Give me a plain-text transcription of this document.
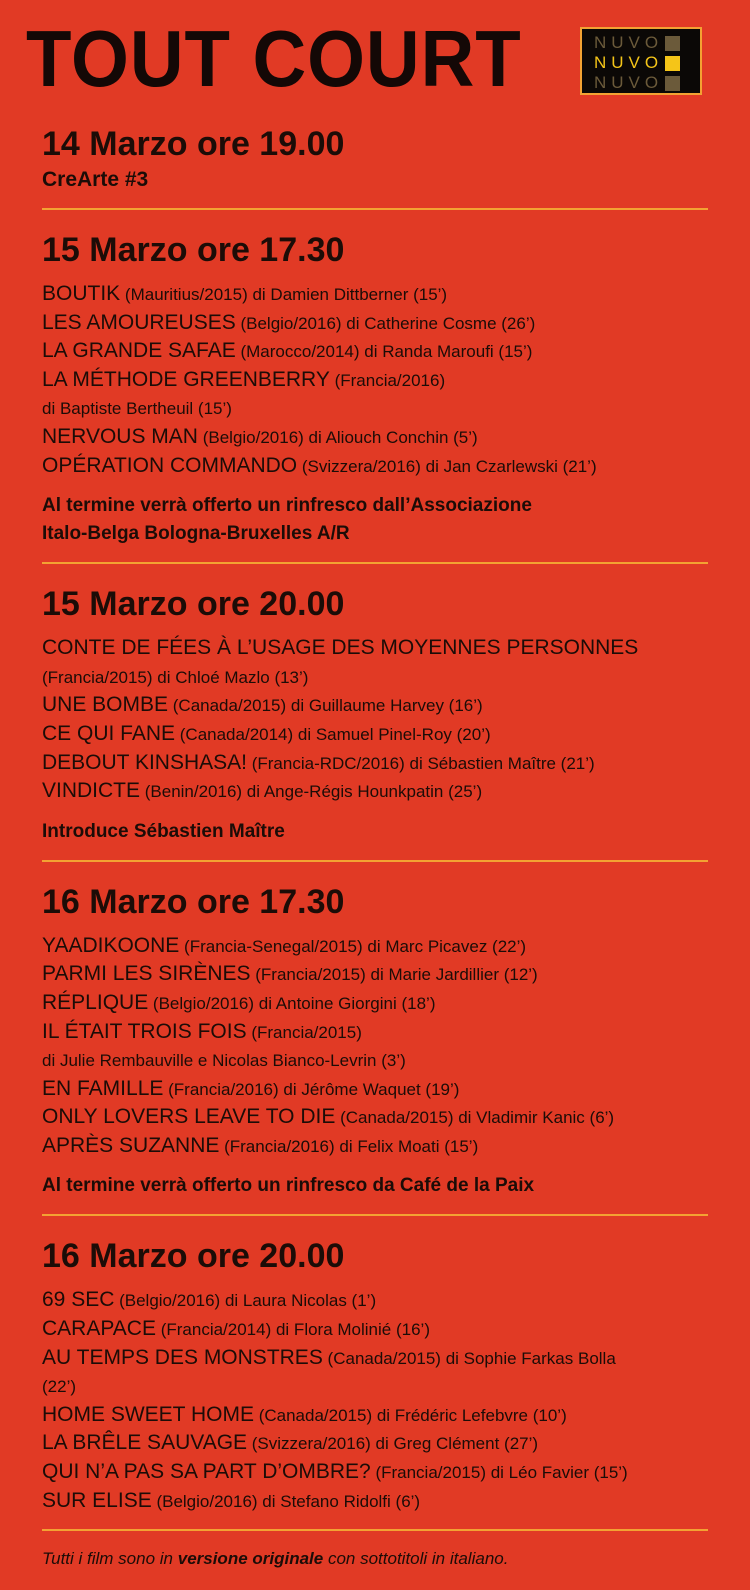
TOUT COURT	NUVO
NUVO
NUVO
14 Marzo ore 19.00
CreArte #3
15 Marzo ore 17.30
BOUTIK (Mauritius/2015) di Damien Dittberner (15’)
LES AMOUREUSES (Belgio/2016) di Catherine Cosme (26’)
LA GRANDE SAFAE (Marocco/2014) di Randa Maroufi (15’)
LA MÉTHODE GREENBERRY (Francia/2016)
di Baptiste Bertheuil (15’)
NERVOUS MAN (Belgio/2016) di Aliouch Conchin (5’)
OPÉRATION COMMANDO (Svizzera/2016) di Jan Czarlewski (21’)
Al termine verrà offerto un rinfresco dall’Associazione
Italo-Belga Bologna-Bruxelles A/R
15 Marzo ore 20.00
CONTE DE FÉES À L’USAGE DES MOYENNES PERSONNES
(Francia/2015) di Chloé Mazlo (13’)
UNE BOMBE (Canada/2015) di Guillaume Harvey (16’)
CE QUI FANE (Canada/2014) di Samuel Pinel-Roy (20’)
DEBOUT KINSHASA! (Francia-RDC/2016) di Sébastien Maître (21’)
VINDICTE (Benin/2016) di Ange-Régis Hounkpatin (25’)
Introduce Sébastien Maître
16 Marzo ore 17.30
YAADIKOONE (Francia-Senegal/2015) di Marc Picavez (22’)
PARMI LES SIRÈNES (Francia/2015) di Marie Jardillier (12’)
RÉPLIQUE (Belgio/2016) di Antoine Giorgini (18’)
IL ÉTAIT TROIS FOIS (Francia/2015)
di Julie Rembauville e Nicolas Bianco-Levrin (3’)
EN FAMILLE (Francia/2016) di Jérôme Waquet (19’)
ONLY LOVERS LEAVE TO DIE (Canada/2015) di Vladimir Kanic (6’)
APRÈS SUZANNE (Francia/2016) di Felix Moati (15’)
Al termine verrà offerto un rinfresco da Café de la Paix
16 Marzo ore 20.00
69 SEC (Belgio/2016) di Laura Nicolas (1’)
CARAPACE (Francia/2014) di Flora Molinié (16’)
AU TEMPS DES MONSTRES (Canada/2015) di Sophie Farkas Bolla
(22’)
HOME SWEET HOME (Canada/2015) di Frédéric Lefebvre (10’)
LA BRÊLE SAUVAGE (Svizzera/2016) di Greg Clément (27’)
QUI N’A PAS SA PART D’OMBRE? (Francia/2015) di Léo Favier (15’)
SUR ELISE (Belgio/2016) di Stefano Ridolfi (6’)
Tutti i film sono in versione originale con sottotitoli in italiano.
